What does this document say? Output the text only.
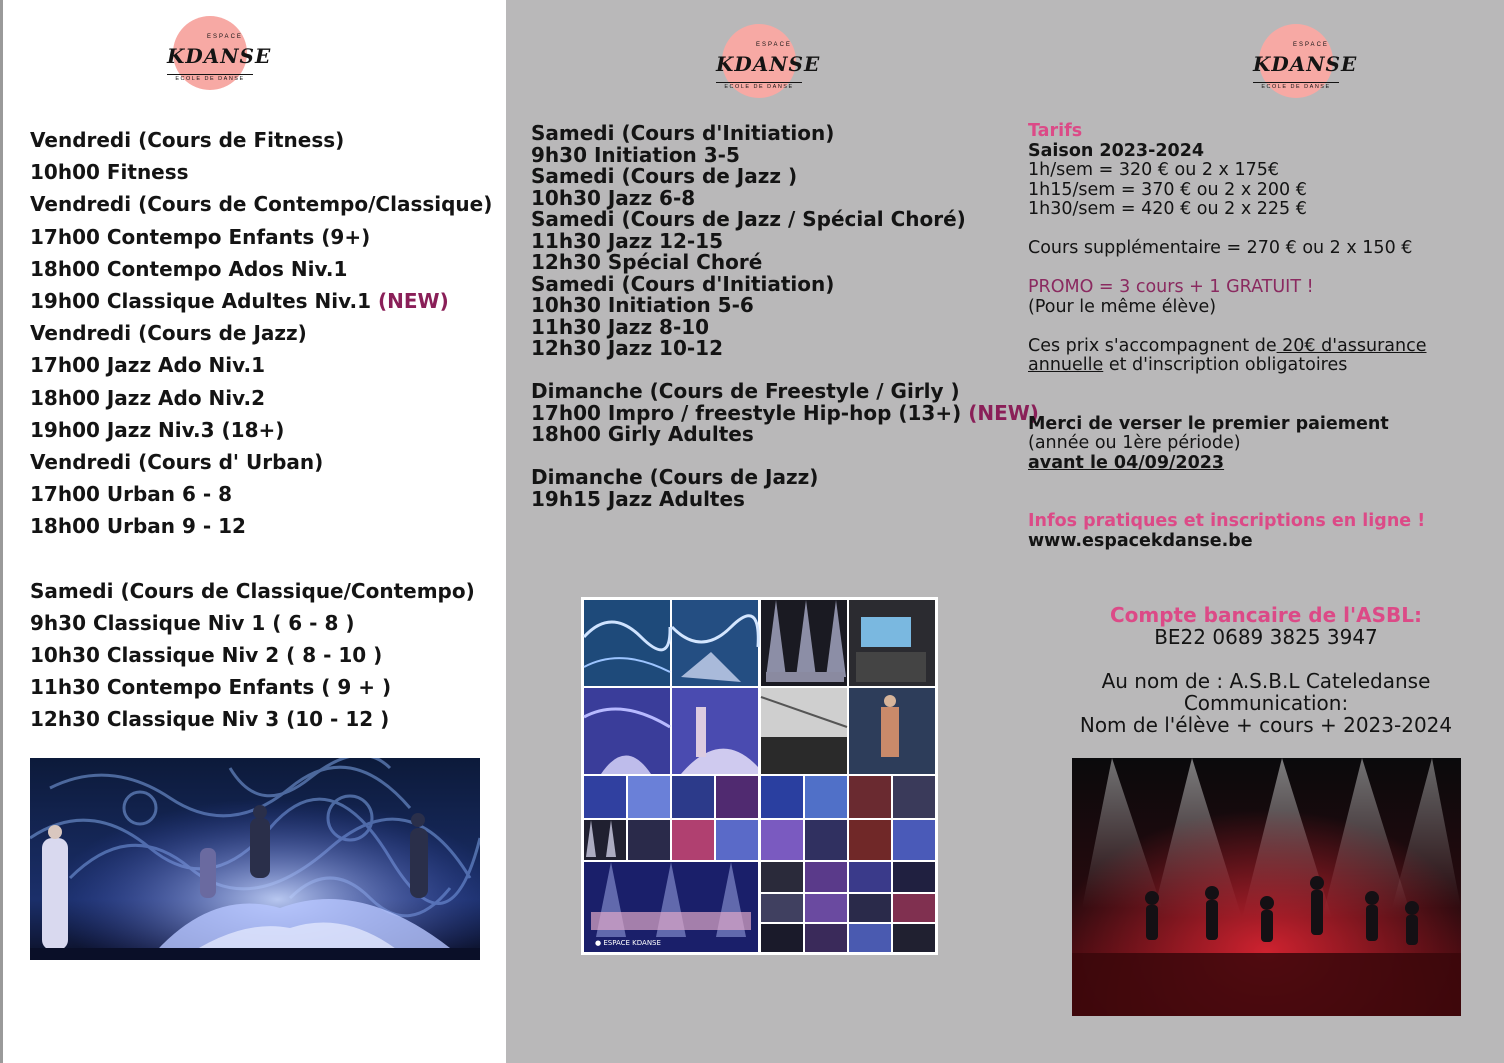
ESPACE
KDANSE
ECOLE DE DANSE
ESPACE
KDANSE
ECOLE DE DANSE
ESPACE
KDANSE
ECOLE DE DANSE
Vendredi (Cours de Fitness)
10h00 Fitness
Vendredi (Cours de Contempo/Classique)
17h00 Contempo Enfants (9+)
18h00 Contempo Ados Niv.1
19h00 Classique Adultes Niv.1 (NEW)
Vendredi (Cours de Jazz)
17h00 Jazz Ado Niv.1
18h00 Jazz Ado Niv.2
19h00 Jazz Niv.3 (18+)
Vendredi (Cours d' Urban)
17h00 Urban 6 - 8
18h00 Urban 9 - 12
Samedi (Cours de Classique/Contempo)
9h30 Classique Niv 1 ( 6 - 8 )
10h30 Classique Niv 2 ( 8 - 10 )
11h30 Contempo Enfants ( 9 + )
12h30 Classique Niv 3 (10 - 12 )
Samedi (Cours d'Initiation)
9h30 Initiation 3-5
Samedi (Cours de Jazz )
10h30 Jazz 6-8
Samedi (Cours de Jazz / Spécial Choré)
11h30 Jazz 12-15
12h30 Spécial Choré
Samedi (Cours d'Initiation)
10h30 Initiation 5-6
11h30 Jazz 8-10
12h30 Jazz 10-12
Dimanche (Cours de Freestyle / Girly )
17h00 Impro / freestyle Hip-hop (13+) (NEW)
18h00 Girly Adultes
Dimanche (Cours de Jazz)
19h15 Jazz Adultes
● ESPACE KDANSE
Tarifs
Saison 2023-2024
1h/sem = 320 € ou 2 x 175€
1h15/sem = 370 € ou 2 x 200 €
1h30/sem = 420 € ou 2 x 225 €
Cours supplémentaire = 270 € ou 2 x 150 €
PROMO = 3 cours + 1 GRATUIT !
(Pour le même élève)
Ces prix s'accompagnent de 20€ d'assurance
annuelle et d'inscription obligatoires
Merci de verser le premier paiement
(année ou 1ère période)
avant le 04/09/2023
Infos pratiques et inscriptions en ligne !
www.espacekdanse.be
Compte bancaire de l'ASBL:
BE22 0689 3825 3947
Au nom de : A.S.B.L Cateledanse
Communication:
Nom de l'élève + cours + 2023-2024
